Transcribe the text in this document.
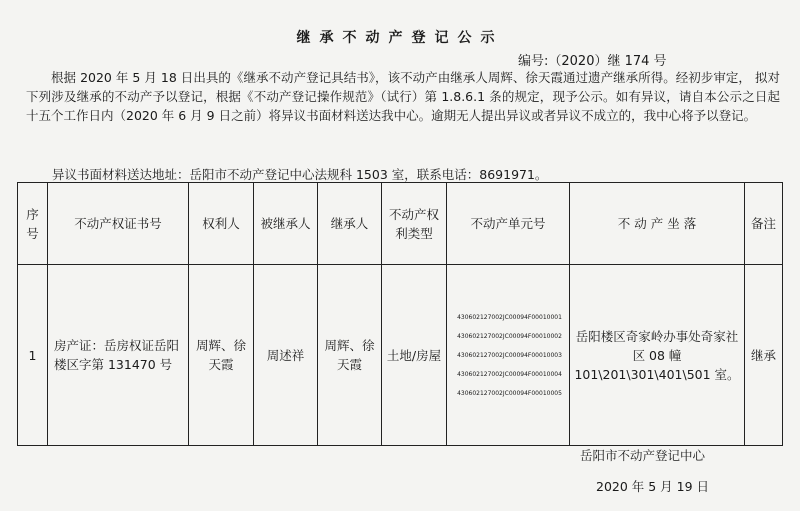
继承不动产登记公示
编号:（2020）继 174 号

根据 2020 年 5 月 18 日出具的《继承不动产登记具结书》，该不动产由继承人周辉、徐天霞通过遗产继承所得。经初步审定， 拟对下列涉及继承的不动产予以登记，根据《不动产登记操作规范》（试行）第 1.8.6.1 条的规定，现予公示。如有异议，请自本公示之日起十五个工作日内（2020 年 6 月 9 日之前）将异议书面材料送达我中心。逾期无人提出异议或者异议不成立的，我中心将予以登记。

异议书面材料送达地址：岳阳市不动产登记中心法规科 1503 室，联系电话：8691971。
序号	不动产权证书号	权利人	被继承人	继承人	不动产权利类型	不动产单元号	不 动 产 坐 落	备注
1	房产证：岳房权证岳阳楼区字第 131470 号	周辉、徐天霞	周述祥	周辉、徐天霞	土地/房屋	430602127002JC00094F00010001
430602127002JC00094F00010002
430602127002JC00094F00010003
430602127002JC00094F00010004
430602127002JC00094F00010005	岳阳楼区奇家岭办事处奇家社区 08 幢 101\201\301\401\501 室。	继承
岳阳市不动产登记中心
2020 年 5 月 19 日
